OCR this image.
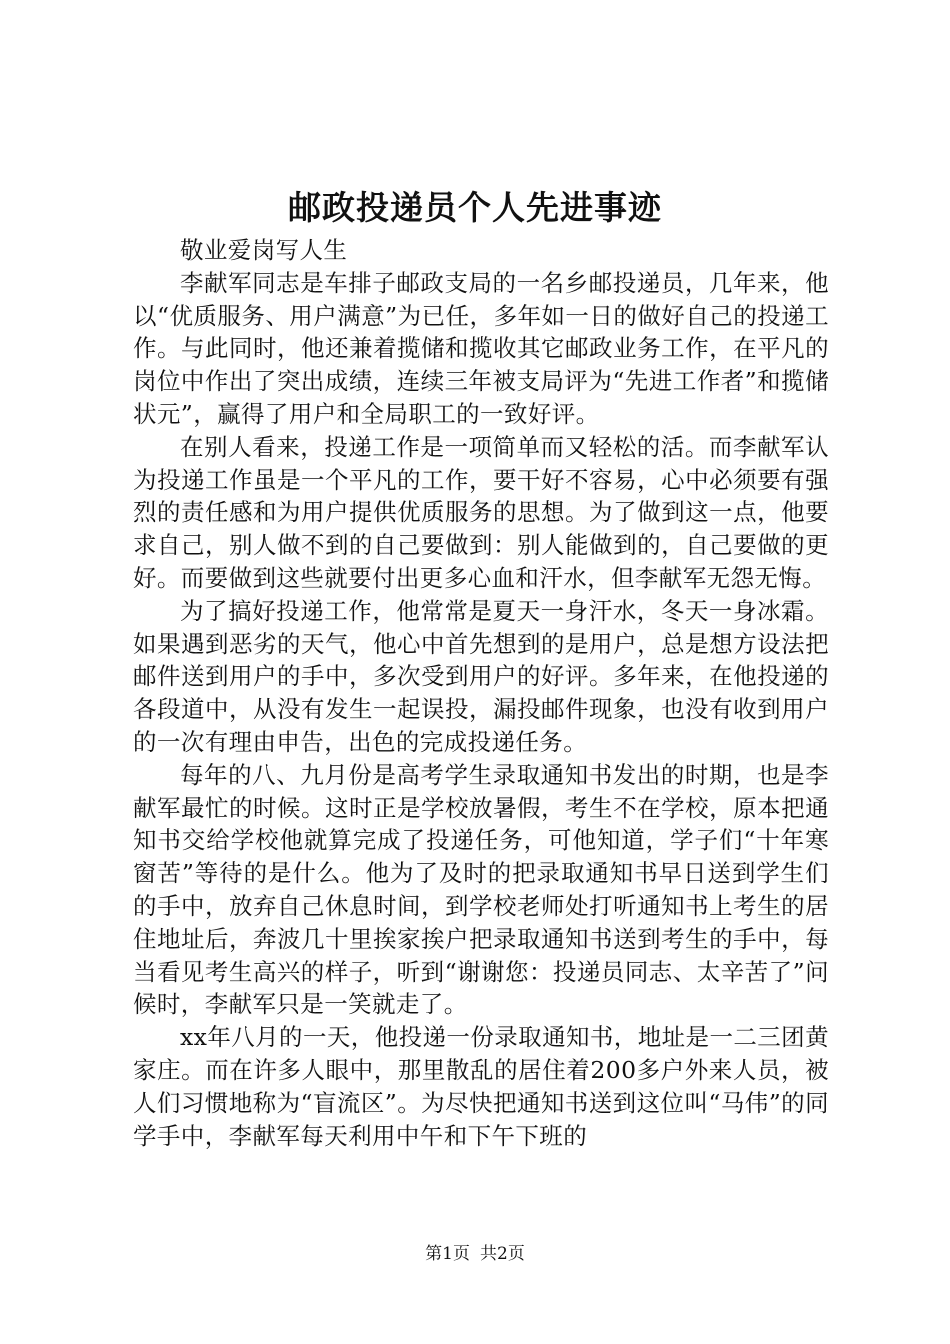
邮政投递员个人先进事迹

敬业爱岗写人生

李献军同志是车排子邮政支局的一名乡邮投递员，几年来，他以“优质服务、用户满意”为已任，多年如一日的做好自己的投递工作。与此同时，他还兼着揽储和揽收其它邮政业务工作，在平凡的岗位中作出了突出成绩，连续三年被支局评为“先进工作者”和揽储状元”，赢得了用户和全局职工的一致好评。

在别人看来，投递工作是一项简单而又轻松的活。而李献军认为投递工作虽是一个平凡的工作，要干好不容易，心中必须要有强烈的责任感和为用户提供优质服务的思想。为了做到这一点，他要求自己，别人做不到的自己要做到：别人能做到的，自己要做的更好。而要做到这些就要付出更多心血和汗水，但李献军无怨无悔。

为了搞好投递工作，他常常是夏天一身汗水，冬天一身冰霜。如果遇到恶劣的天气，他心中首先想到的是用户，总是想方设法把邮件送到用户的手中，多次受到用户的好评。多年来，在他投递的各段道中，从没有发生一起误投，漏投邮件现象，也没有收到用户的一次有理由申告，出色的完成投递任务。

每年的八、九月份是高考学生录取通知书发出的时期，也是李献军最忙的时候。这时正是学校放暑假，考生不在学校，原本把通知书交给学校他就算完成了投递任务，可他知道，学子们“十年寒窗苦”等待的是什么。他为了及时的把录取通知书早日送到学生们的手中，放弃自己休息时间，到学校老师处打听通知书上考生的居住地址后，奔波几十里挨家挨户把录取通知书送到考生的手中，每当看见考生高兴的样子，听到“谢谢您：投递员同志、太辛苦了”问候时，李献军只是一笑就走了。

xx年八月的一天，他投递一份录取通知书，地址是一二三团黄家庄。而在许多人眼中，那里散乱的居住着200多户外来人员，被人们习惯地称为“盲流区”。为尽快把通知书送到这位叫“马伟”的同学手中，李献军每天利用中午和下午下班的

第1页 共2页
